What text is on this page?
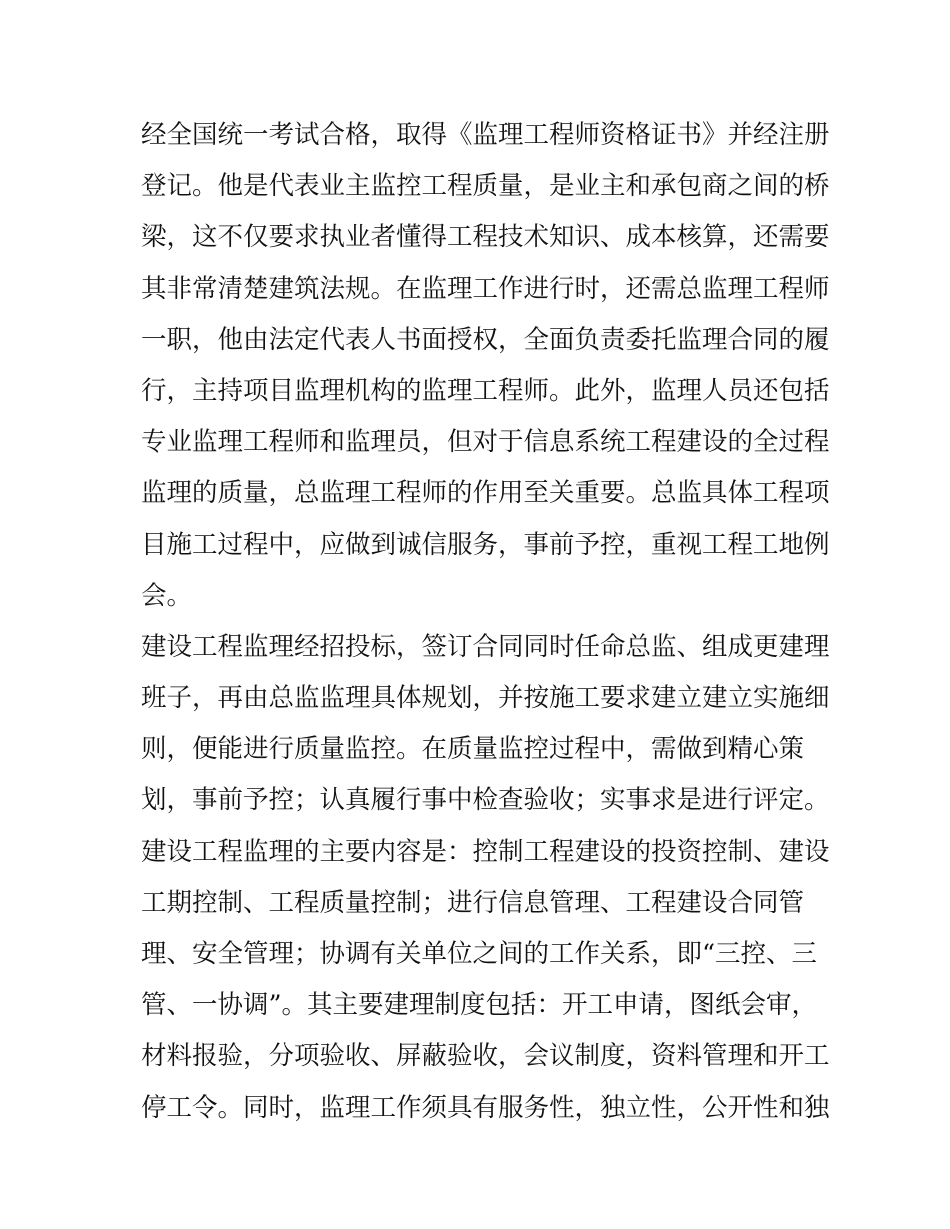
经全国统一考试合格，取得《监理工程师资格证书》并经注册
登记。他是代表业主监控工程质量，是业主和承包商之间的桥
梁，这不仅要求执业者懂得工程技术知识、成本核算，还需要
其非常清楚建筑法规。在监理工作进行时，还需总监理工程师
一职，他由法定代表人书面授权，全面负责委托监理合同的履
行，主持项目监理机构的监理工程师。此外，监理人员还包括
专业监理工程师和监理员，但对于信息系统工程建设的全过程
监理的质量，总监理工程师的作用至关重要。总监具体工程项
目施工过程中，应做到诚信服务，事前予控，重视工程工地例
会。
建设工程监理经招投标，签订合同同时任命总监、组成更建理
班子，再由总监监理具体规划，并按施工要求建立建立实施细
则，便能进行质量监控。在质量监控过程中，需做到精心策
划，事前予控；认真履行事中检查验收；实事求是进行评定。
建设工程监理的主要内容是：控制工程建设的投资控制、建设
工期控制、工程质量控制；进行信息管理、工程建设合同管
理、安全管理；协调有关单位之间的工作关系，即“三控、三
管、一协调”。其主要建理制度包括：开工申请，图纸会审，
材料报验，分项验收、屏蔽验收，会议制度，资料管理和开工
停工令。同时，监理工作须具有服务性，独立性，公开性和独
